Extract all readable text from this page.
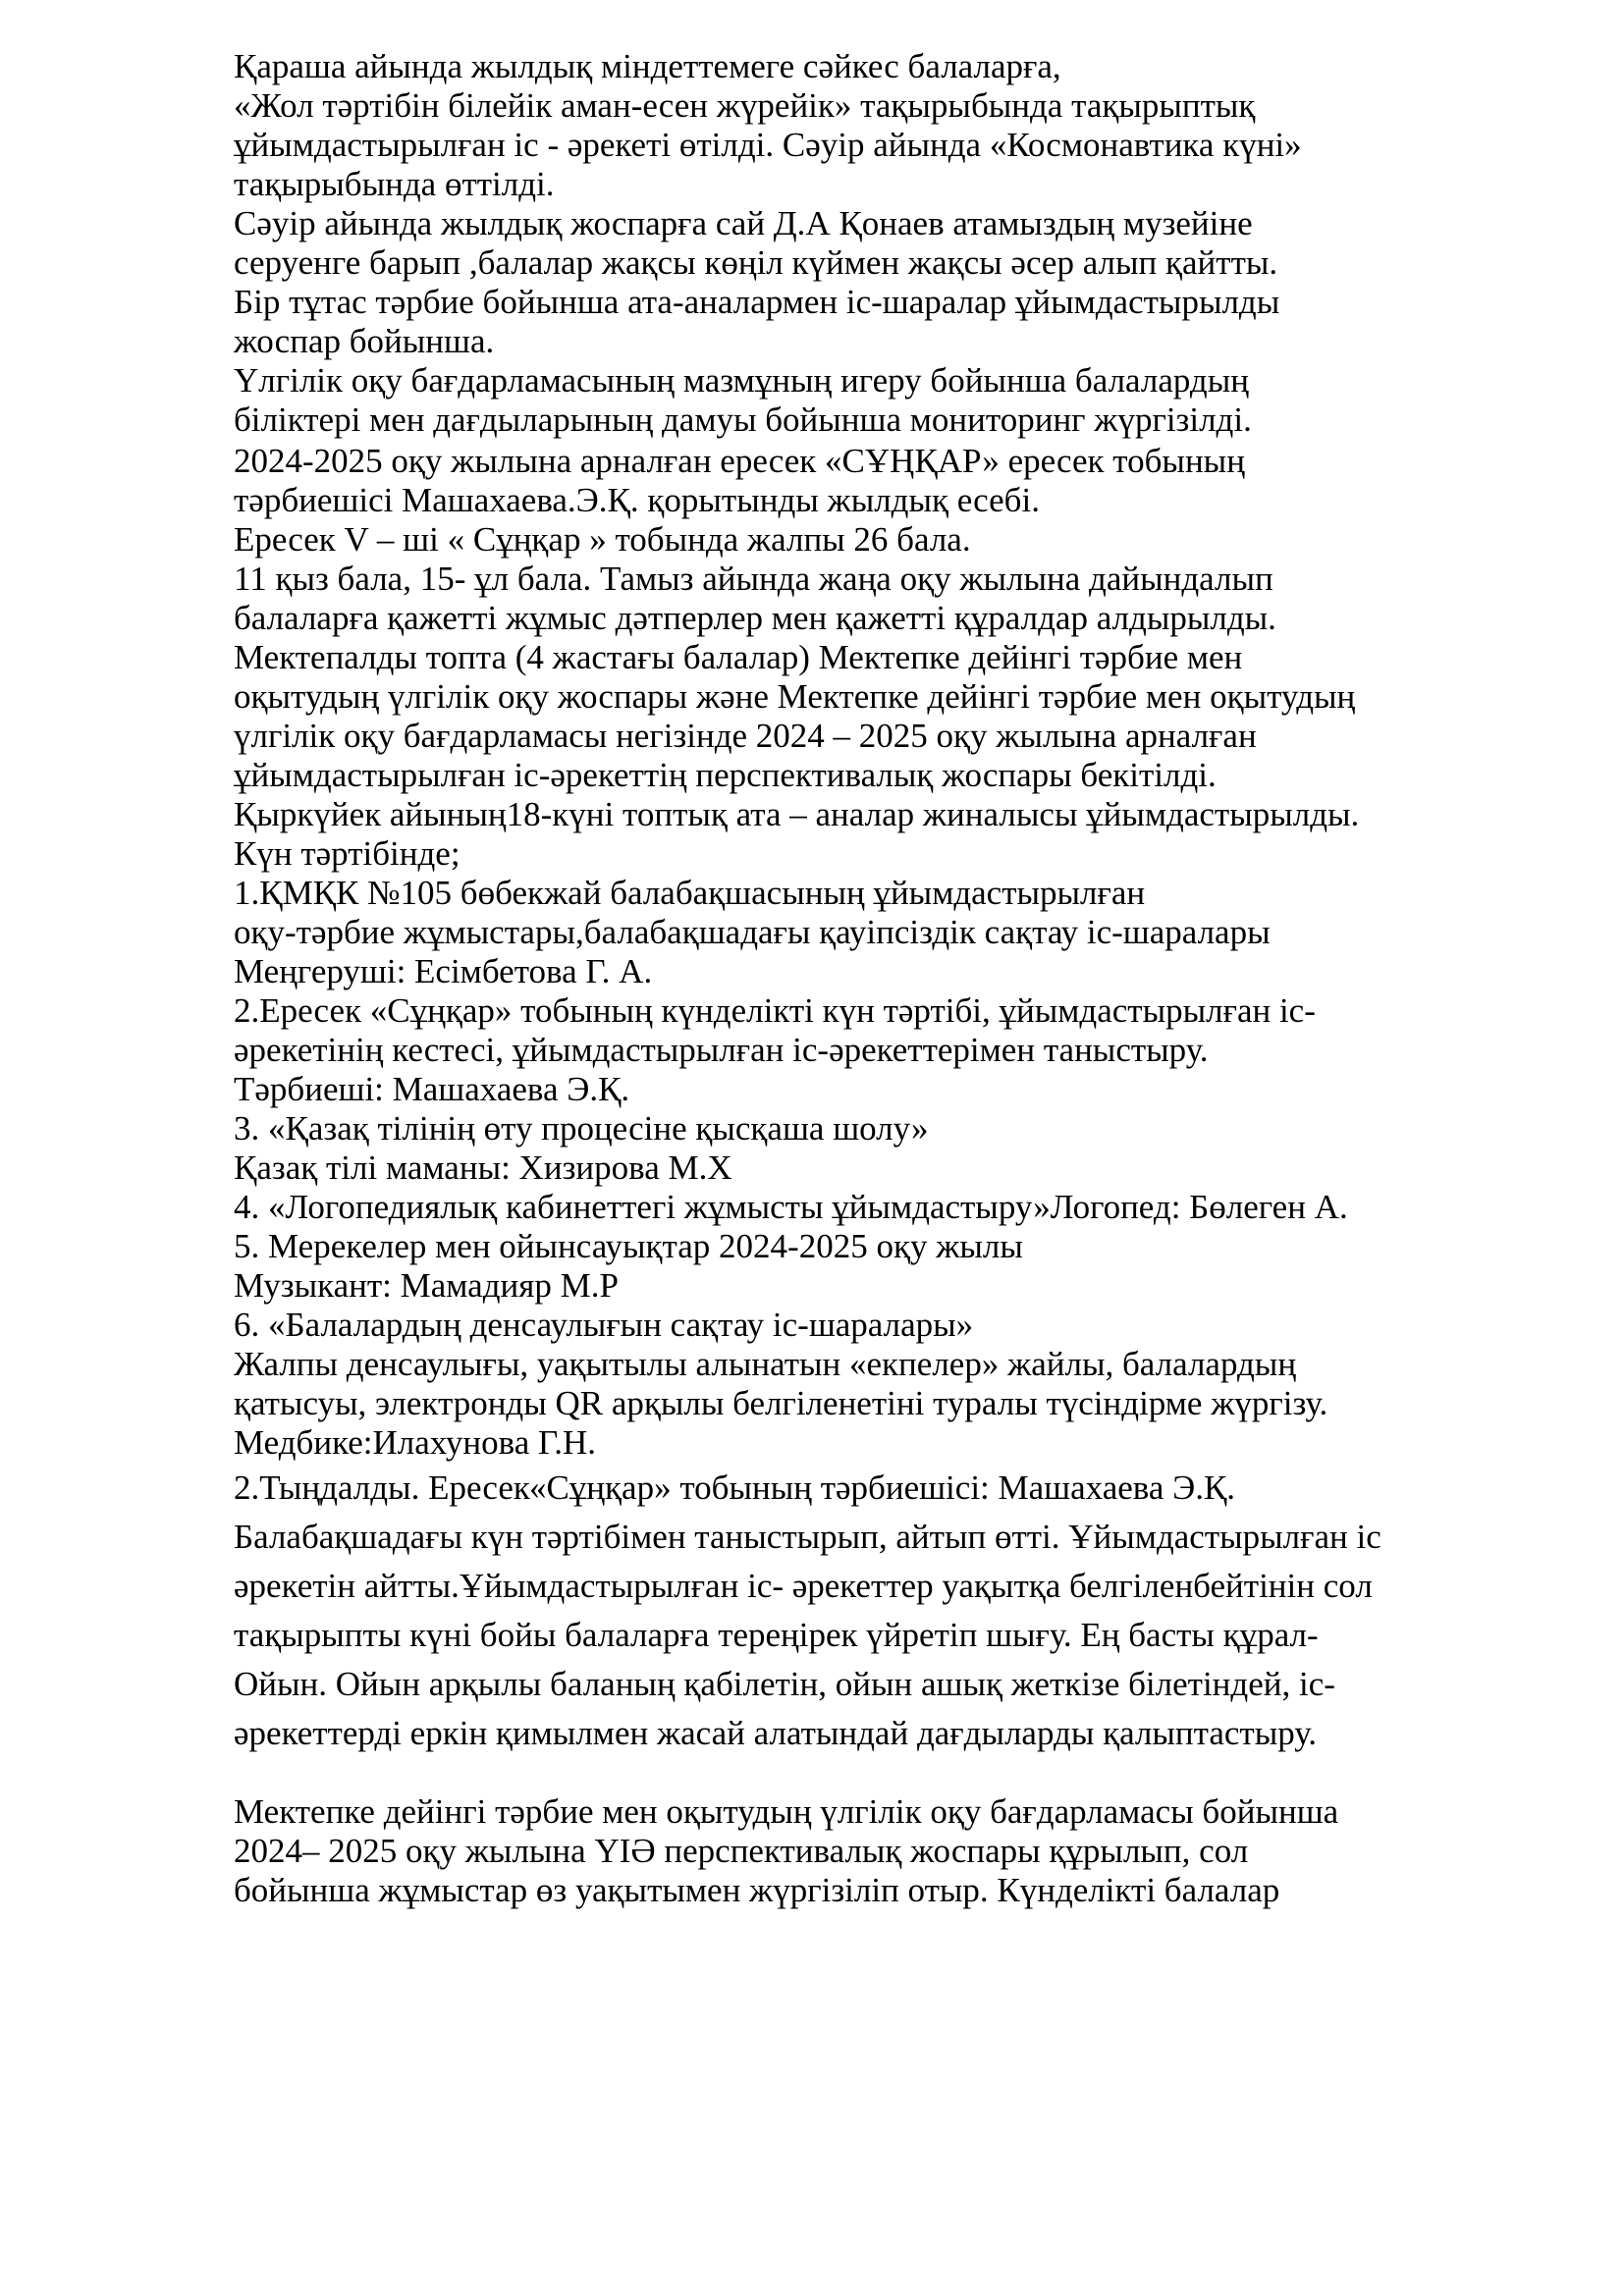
Қараша айында жылдық міндеттемеге сәйкес балаларға,

«Жол тәртібін білейік аман-есен жүрейік» тақырыбында тақырыптық

ұйымдастырылған іс - әрекеті өтілді. Сәуір айында «Космонавтика күні»

тақырыбында өттілді.

Сәуір айында жылдық жоспарға сай Д.А Қонаев атамыздың музейіне

серуенге барып ,балалар жақсы көңіл күймен жақсы әсер алып қайтты.

Бір тұтас тәрбие бойынша ата-аналармен іс-шаралар ұйымдастырылды

жоспар бойынша.

Үлгілік оқу бағдарламасының мазмұның игеру бойынша балалардың

біліктері мен дағдыларының дамуы бойынша мониторинг жүргізілді.

2024-2025 оқу жылына арналған ересек «СҰҢҚАР» ересек тобының

тәрбиешісі Машахаева.Э.Қ. қорытынды жылдық есебі.

Ересек V – ші « Сұңқар » тобында жалпы 26 бала.

11 қыз бала, 15- ұл бала. Тамыз айында жаңа оқу жылына дайындалып

балаларға қажетті жұмыс дәтперлер мен қажетті құралдар алдырылды.

Мектепалды топта (4 жастағы балалар) Мектепке дейінгі тәрбие мен

оқытудың үлгілік оқу жоспары және Мектепке дейінгі тәрбие мен оқытудың

үлгілік оқу бағдарламасы негізінде 2024 – 2025 оқу жылына арналған

ұйымдастырылған іс-әрекеттің перспективалық жоспары бекітілді.

Қыркүйек айының18-күні топтық ата – аналар жиналысы ұйымдастырылды.

Күн тәртібінде;

1.ҚМҚК №105 бөбекжай балабақшасының ұйымдастырылған

оқу-тәрбие жұмыстары,балабақшадағы қауіпсіздік сақтау іс-шаралары

Меңгеруші: Есімбетова Г. А.

2.Ересек «Сұңқар» тобының күнделікті күн тәртібі, ұйымдастырылған іс-

әрекетінің кестесі, ұйымдастырылған іс-әрекеттерімен таныстыру.

Тәрбиеші: Машахаева Э.Қ.

3. «Қазақ тілінің өту процесіне қысқаша шолу»

Қазақ тілі маманы: Хизирова М.Х

4. «Логопедиялық кабинеттегі жұмысты ұйымдастыру»Логопед: Бөлеген А.

5. Мерекелер мен ойынсауықтар 2024-2025 оқу жылы

Музыкант: Мамадияр М.Р

6. «Балалардың денсаулығын сақтау іс-шаралары»

Жалпы денсаулығы, уақытылы алынатын «екпелер» жайлы, балалардың

қатысуы, электронды QR арқылы белгіленетіні туралы түсіндірме жүргізу.

Медбике:Илахунова Г.Н.

2.Тыңдалды. Ересек«Сұңқар» тобының тәрбиешісі: Машахаева Э.Қ.

Балабақшадағы күн тәртібімен таныстырып, айтып өтті. Ұйымдастырылған іс

әрекетін айтты.Ұйымдастырылған іс- әрекеттер уақытқа белгіленбейтінін сол

тақырыпты күні бойы балаларға тереңірек үйретіп шығу. Ең басты құрал-

Ойын. Ойын арқылы баланың қабілетін, ойын ашық жеткізе білетіндей, іс-

әрекеттерді еркін қимылмен жасай алатындай дағдыларды қалыптастыру.

Мектепке дейінгі тәрбие мен оқытудың үлгілік оқу бағдарламасы бойынша

2024– 2025 оқу жылына ҮІӘ перспективалық жоспары құрылып, сол

бойынша жұмыстар өз уақытымен жүргізіліп отыр. Күнделікті балалар
